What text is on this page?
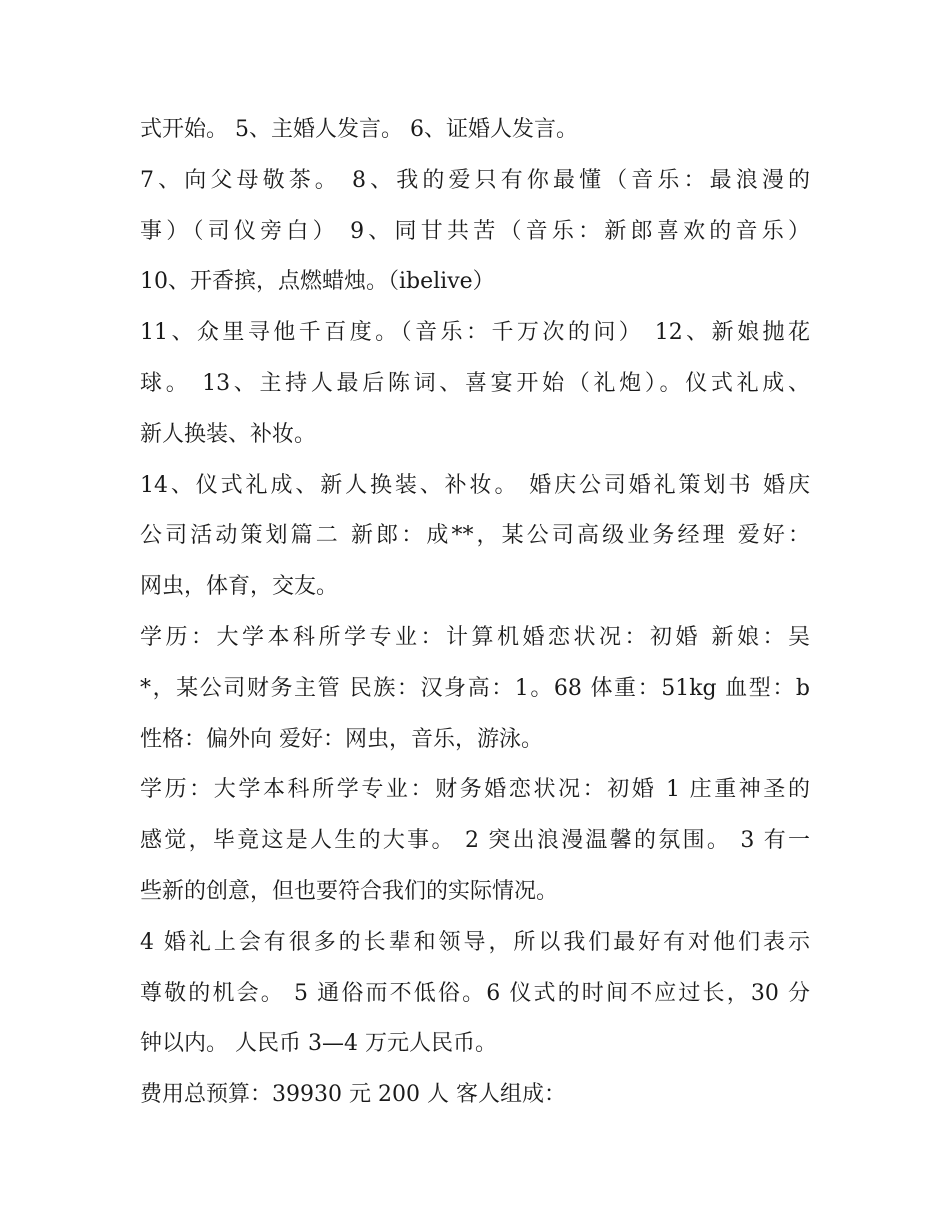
式开始。 5、主婚人发言。 6、证婚人发言。
7、向父母敬茶。 8、我的爱只有你最懂（音乐：最浪漫的
事）（司仪旁白） 9、同甘共苦（音乐：新郎喜欢的音乐）
10、开香摈，点燃蜡烛。（ibelive）
11、众里寻他千百度。（音乐：千万次的问） 12、新娘抛花
球。 13、主持人最后陈词、喜宴开始（礼炮）。仪式礼成、
新人换装、补妆。
14、仪式礼成、新人换装、补妆。 婚庆公司婚礼策划书 婚庆
公司活动策划篇二 新郎：成**，某公司高级业务经理 爱好：
网虫，体育，交友。
学历：大学本科所学专业：计算机婚恋状况：初婚 新娘：吴
*，某公司财务主管 民族：汉身高：1。68 体重：51kg 血型：b
性格：偏外向 爱好：网虫，音乐，游泳。
学历：大学本科所学专业：财务婚恋状况：初婚 1 庄重神圣的
感觉，毕竟这是人生的大事。 2 突出浪漫温馨的氛围。 3 有一
些新的创意，但也要符合我们的实际情况。
4 婚礼上会有很多的长辈和领导，所以我们最好有对他们表示
尊敬的机会。 5 通俗而不低俗。6 仪式的时间不应过长，30 分
钟以内。 人民币 3—4 万元人民币。
费用总预算：39930 元 200 人 客人组成：
